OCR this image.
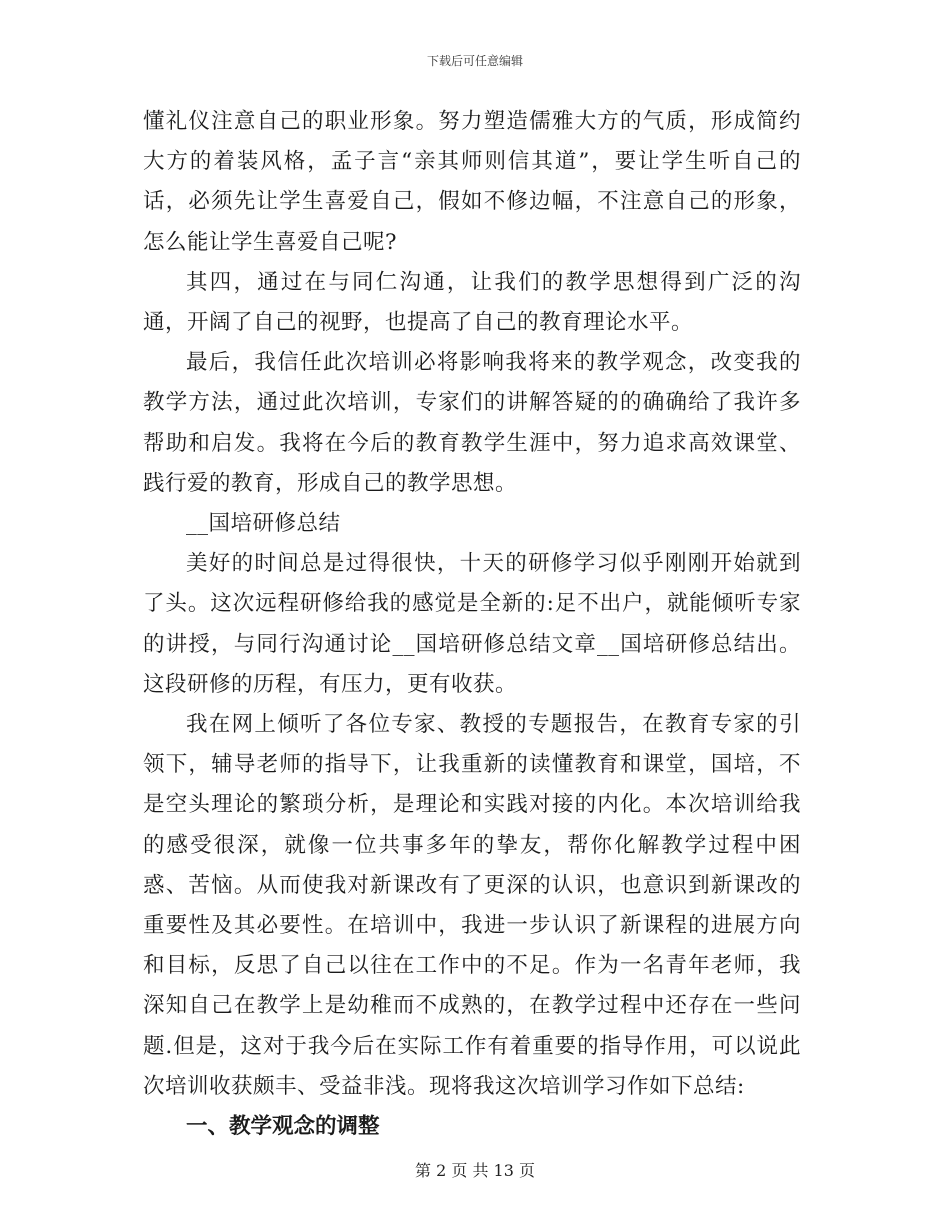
下载后可任意编辑

懂礼仪注意自己的职业形象。努力塑造儒雅大方的气质，形成简约大方的着装风格，孟子言“亲其师则信其道”，要让学生听自己的话，必须先让学生喜爱自己，假如不修边幅，不注意自己的形象，怎么能让学生喜爱自己呢?

其四，通过在与同仁沟通，让我们的教学思想得到广泛的沟通，开阔了自己的视野，也提高了自己的教育理论水平。

最后，我信任此次培训必将影响我将来的教学观念，改变我的教学方法，通过此次培训，专家们的讲解答疑的的确确给了我许多帮助和启发。我将在今后的教育教学生涯中，努力追求高效课堂、践行爱的教育，形成自己的教学思想。

__国培研修总结

美好的时间总是过得很快，十天的研修学习似乎刚刚开始就到了头。这次远程研修给我的感觉是全新的:足不出户，就能倾听专家的讲授，与同行沟通讨论__国培研修总结文章__国培研修总结出。这段研修的历程，有压力，更有收获。

我在网上倾听了各位专家、教授的专题报告，在教育专家的引领下，辅导老师的指导下，让我重新的读懂教育和课堂，国培，不是空头理论的繁琐分析，是理论和实践对接的内化。本次培训给我的感受很深，就像一位共事多年的挚友，帮你化解教学过程中困惑、苦恼。从而使我对新课改有了更深的认识，也意识到新课改的重要性及其必要性。在培训中，我进一步认识了新课程的进展方向和目标，反思了自己以往在工作中的不足。作为一名青年老师，我深知自己在教学上是幼稚而不成熟的，在教学过程中还存在一些问题.但是，这对于我今后在实际工作有着重要的指导作用，可以说此次培训收获颇丰、受益非浅。现将我这次培训学习作如下总结:

一、教学观念的调整

第 2 页 共 13 页
